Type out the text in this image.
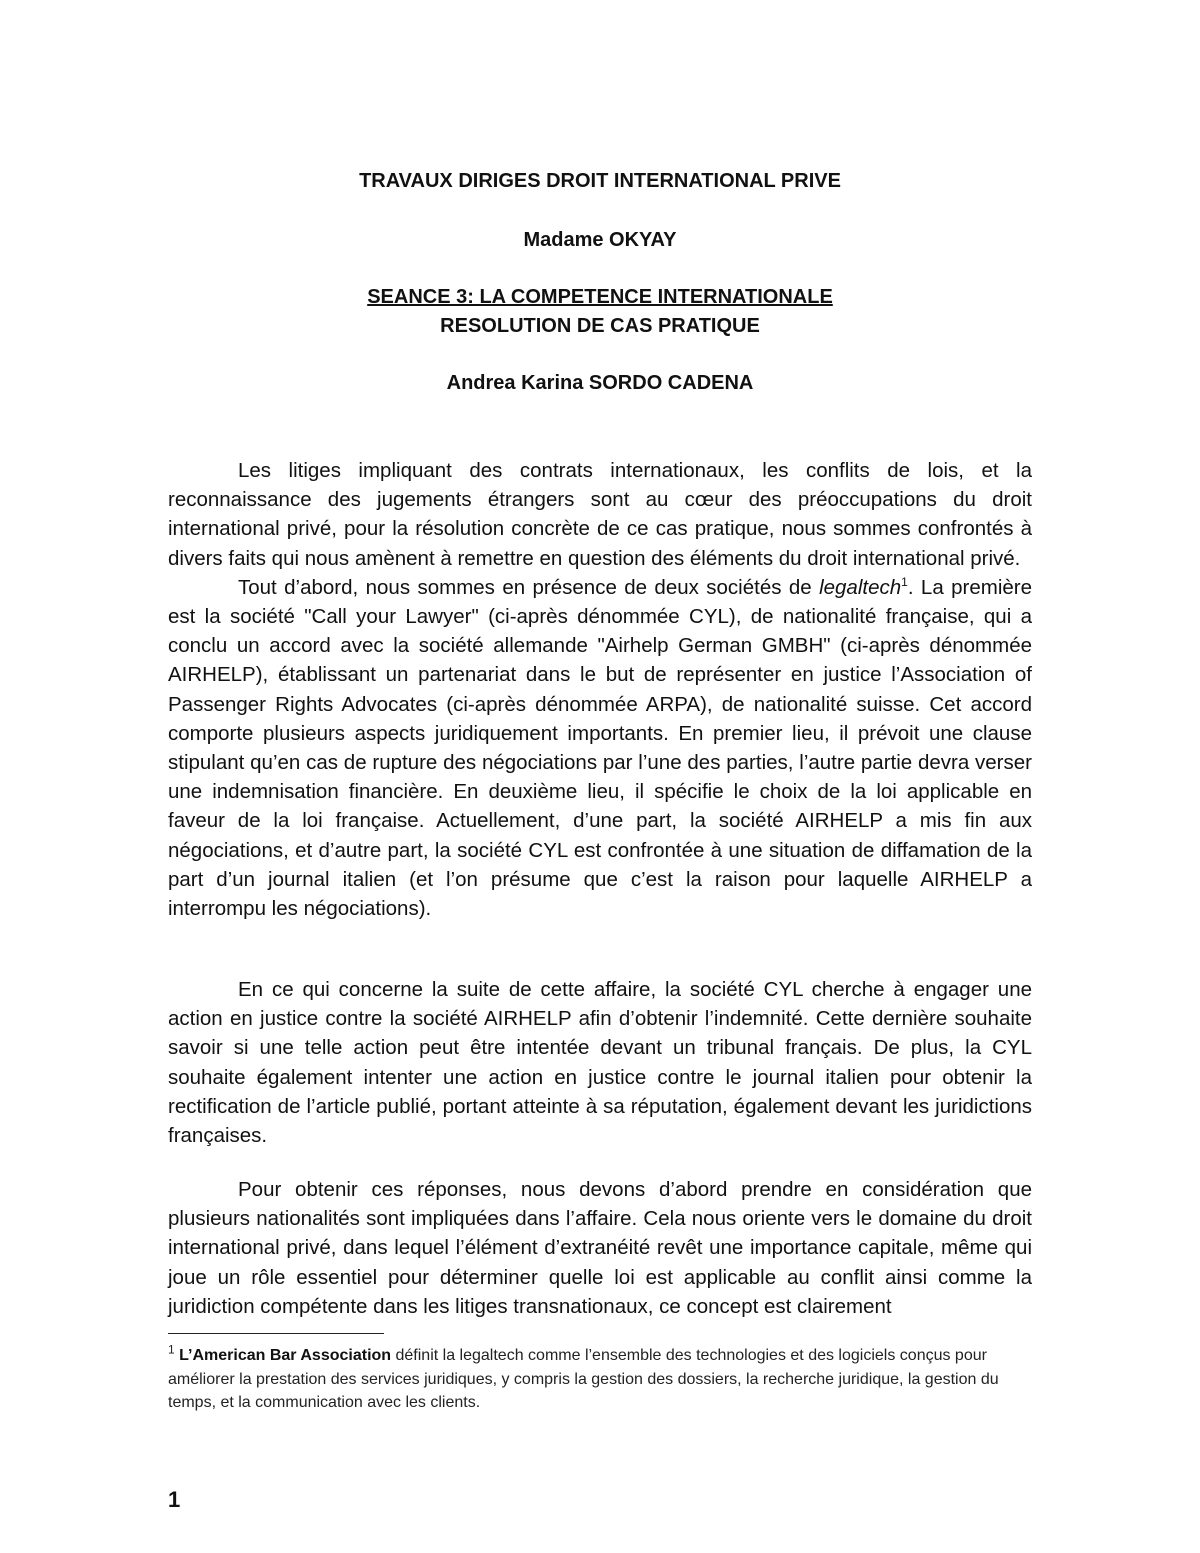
TRAVAUX DIRIGES DROIT INTERNATIONAL PRIVE
Madame OKYAY
SEANCE 3: LA COMPETENCE INTERNATIONALE
RESOLUTION DE CAS PRATIQUE
Andrea Karina SORDO CADENA

Les litiges impliquant des contrats internationaux, les conflits de lois, et la reconnaissance des jugements étrangers sont au cœur des préoccupations du droit international privé, pour la résolution concrète de ce cas pratique, nous sommes confrontés à divers faits qui nous amènent à remettre en question des éléments du droit international privé.

Tout d’abord, nous sommes en présence de deux sociétés de legaltech$^1$. La première est la société "Call your Lawyer" (ci-après dénommée CYL), de nationalité française, qui a conclu un accord avec la société allemande "Airhelp German GMBH" (ci-après dénommée AIRHELP), établissant un partenariat dans le but de représenter en justice l’Association of Passenger Rights Advocates (ci-après dénommée ARPA), de nationalité suisse. Cet accord comporte plusieurs aspects juridiquement importants. En premier lieu, il prévoit une clause stipulant qu’en cas de rupture des négociations par l’une des parties, l’autre partie devra verser une indemnisation financière. En deuxième lieu, il spécifie le choix de la loi applicable en faveur de la loi française. Actuellement, d’une part, la société AIRHELP a mis fin aux négociations, et d’autre part, la société CYL est confrontée à une situation de diffamation de la part d’un journal italien (et l’on présume que c’est la raison pour laquelle AIRHELP a interrompu les négociations).

En ce qui concerne la suite de cette affaire, la société CYL cherche à engager une action en justice contre la société AIRHELP afin d’obtenir l’indemnité. Cette dernière souhaite savoir si une telle action peut être intentée devant un tribunal français. De plus, la CYL souhaite également intenter une action en justice contre le journal italien pour obtenir la rectification de l’article publié, portant atteinte à sa réputation, également devant les juridictions françaises.

Pour obtenir ces réponses, nous devons d’abord prendre en considération que plusieurs nationalités sont impliquées dans l’affaire. Cela nous oriente vers le domaine du droit international privé, dans lequel l’élément d’extranéité revêt une importance capitale, même qui joue un rôle essentiel pour déterminer quelle loi est applicable au conflit ainsi comme la juridiction compétente dans les litiges transnationaux, ce concept est clairement

$^1$ L’American Bar Association définit la legaltech comme l’ensemble des technologies et des logiciels conçus pour améliorer la prestation des services juridiques, y compris la gestion des dossiers, la recherche juridique, la gestion du temps, et la communication avec les clients.
1
